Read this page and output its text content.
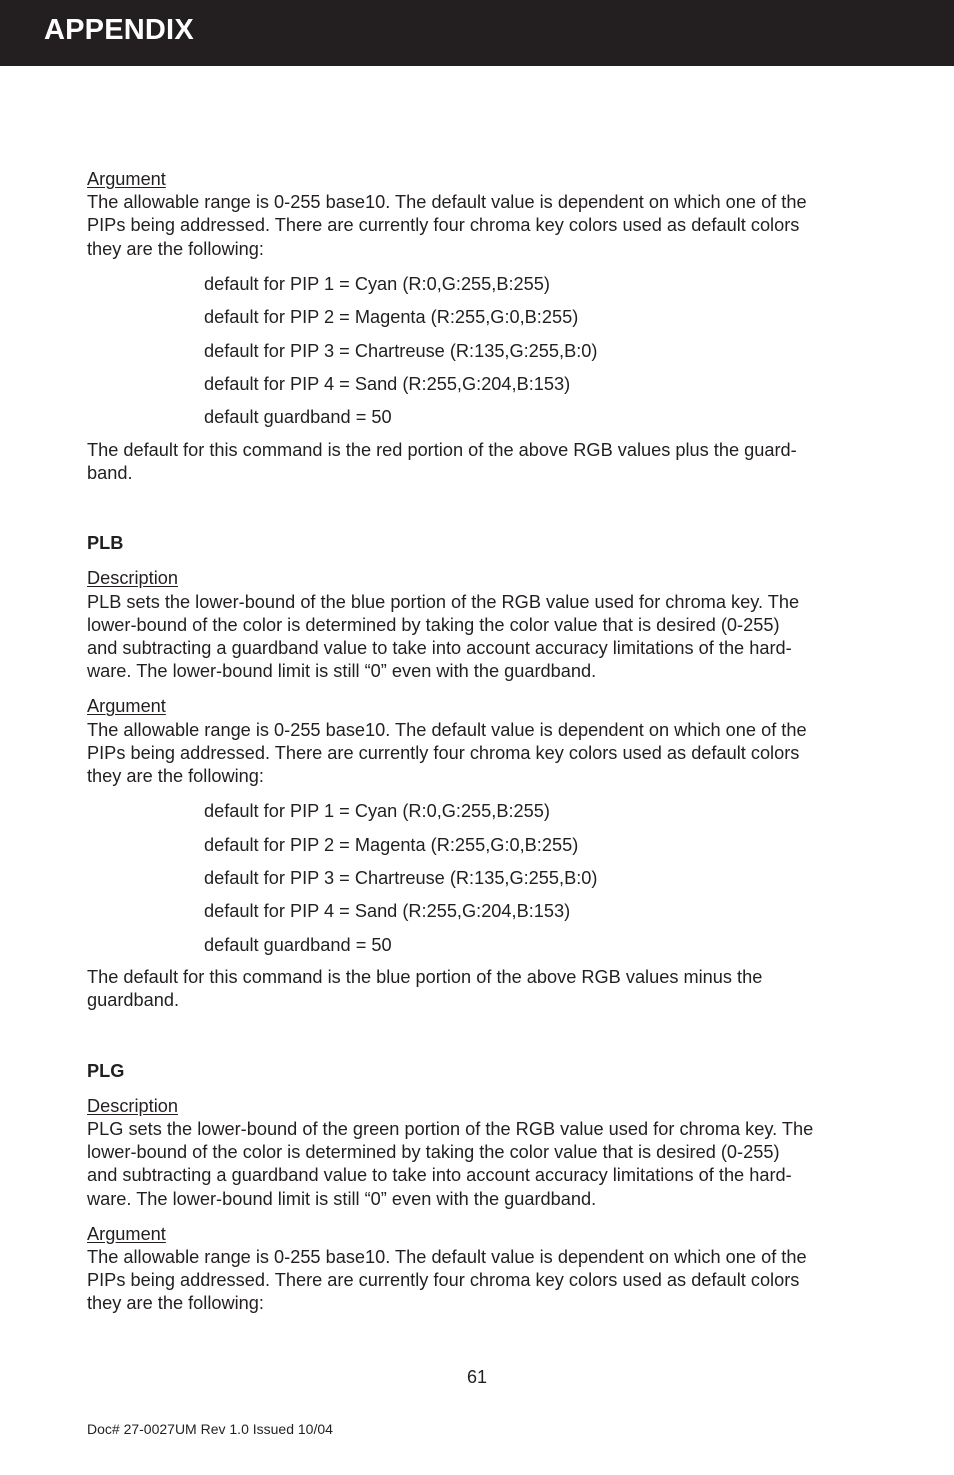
APPENDIX
Argument
The allowable range is 0-255 base10. The default value is dependent on which one of the
PIPs being addressed. There are currently four chroma key colors used as default colors
they are the following:
default for PIP 1 = Cyan (R:0,G:255,B:255)
default for PIP 2 = Magenta (R:255,G:0,B:255)
default for PIP 3 = Chartreuse (R:135,G:255,B:0)
default for PIP 4 = Sand (R:255,G:204,B:153)
default guardband = 50
The default for this command is the red portion of the above RGB values plus the guard-
band.
PLB
Description
PLB sets the lower-bound of the blue portion of the RGB value used for chroma key. The
lower-bound of the color is determined by taking the color value that is desired (0-255)
and subtracting a guardband value to take into account accuracy limitations of the hard-
ware. The lower-bound limit is still “0” even with the guardband.
Argument
The allowable range is 0-255 base10. The default value is dependent on which one of the
PIPs being addressed. There are currently four chroma key colors used as default colors
they are the following:
default for PIP 1 = Cyan (R:0,G:255,B:255)
default for PIP 2 = Magenta (R:255,G:0,B:255)
default for PIP 3 = Chartreuse (R:135,G:255,B:0)
default for PIP 4 = Sand (R:255,G:204,B:153)
default guardband = 50
The default for this command is the blue portion of the above RGB values minus the
guardband.
PLG
Description
PLG sets the lower-bound of the green portion of the RGB value used for chroma key. The
lower-bound of the color is determined by taking the color value that is desired (0-255)
and subtracting a guardband value to take into account accuracy limitations of the hard-
ware. The lower-bound limit is still “0” even with the guardband.
Argument
The allowable range is 0-255 base10. The default value is dependent on which one of the
PIPs being addressed. There are currently four chroma key colors used as default colors
they are the following:
61
Doc# 27-0027UM Rev 1.0 Issued 10/04
